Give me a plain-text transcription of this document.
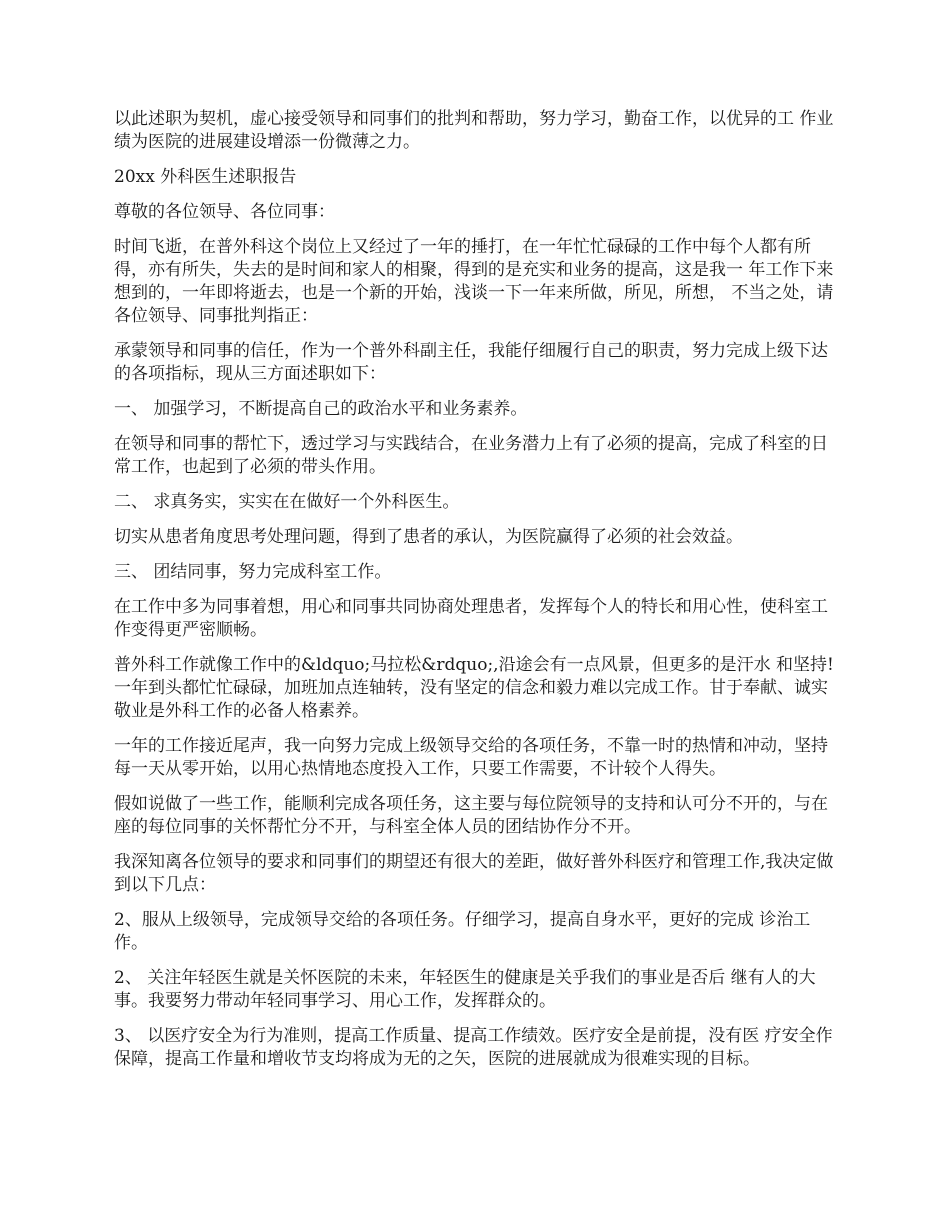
以此述职为契机，虚心接受领导和同事们的批判和帮助，努力学习，勤奋工作，以优异的工 作业绩为医院的进展建设增添一份微薄之力。

20xx 外科医生述职报告

尊敬的各位领导、各位同事：

时间飞逝，在普外科这个岗位上又经过了一年的捶打，在一年忙忙碌碌的工作中每个人都有所得，亦有所失，失去的是时间和家人的相聚，得到的是充实和业务的提高，这是我一 年工作下来想到的，一年即将逝去，也是一个新的开始，浅谈一下一年来所做，所见，所想， 不当之处，请各位领导、同事批判指正：

承蒙领导和同事的信任，作为一个普外科副主任，我能仔细履行自己的职责，努力完成上级下达的各项指标，现从三方面述职如下：

一、 加强学习，不断提高自己的政治水平和业务素养。

在领导和同事的帮忙下，透过学习与实践结合，在业务潜力上有了必须的提高，完成了科室的日常工作，也起到了必须的带头作用。

二、 求真务实，实实在在做好一个外科医生。

切实从患者角度思考处理问题，得到了患者的承认，为医院赢得了必须的社会效益。

三、 团结同事，努力完成科室工作。

在工作中多为同事着想，用心和同事共同协商处理患者，发挥每个人的特长和用心性，使科室工作变得更严密顺畅。

普外科工作就像工作中的&ldquo;马拉松&rdquo;,沿途会有一点风景，但更多的是汗水 和坚持!一年到头都忙忙碌碌，加班加点连轴转，没有坚定的信念和毅力难以完成工作。甘于奉献、诚实敬业是外科工作的必备人格素养。

一年的工作接近尾声，我一向努力完成上级领导交给的各项任务，不靠一时的热情和冲动，坚持每一天从零开始，以用心热情地态度投入工作，只要工作需要，不计较个人得失。

假如说做了一些工作，能顺利完成各项任务，这主要与每位院领导的支持和认可分不开的，与在座的每位同事的关怀帮忙分不开，与科室全体人员的团结协作分不开。

我深知离各位领导的要求和同事们的期望还有很大的差距，做好普外科医疗和管理工作,我决定做到以下几点：

2、服从上级领导，完成领导交给的各项任务。仔细学习，提高自身水平，更好的完成 诊治工作。

2、 关注年轻医生就是关怀医院的未来，年轻医生的健康是关乎我们的事业是否后 继有人的大事。我要努力带动年轻同事学习、用心工作，发挥群众的。

3、 以医疗安全为行为准则，提高工作质量、提高工作绩效。医疗安全是前提，没有医 疗安全作保障，提高工作量和增收节支均将成为无的之矢，医院的进展就成为很难实现的目标。
